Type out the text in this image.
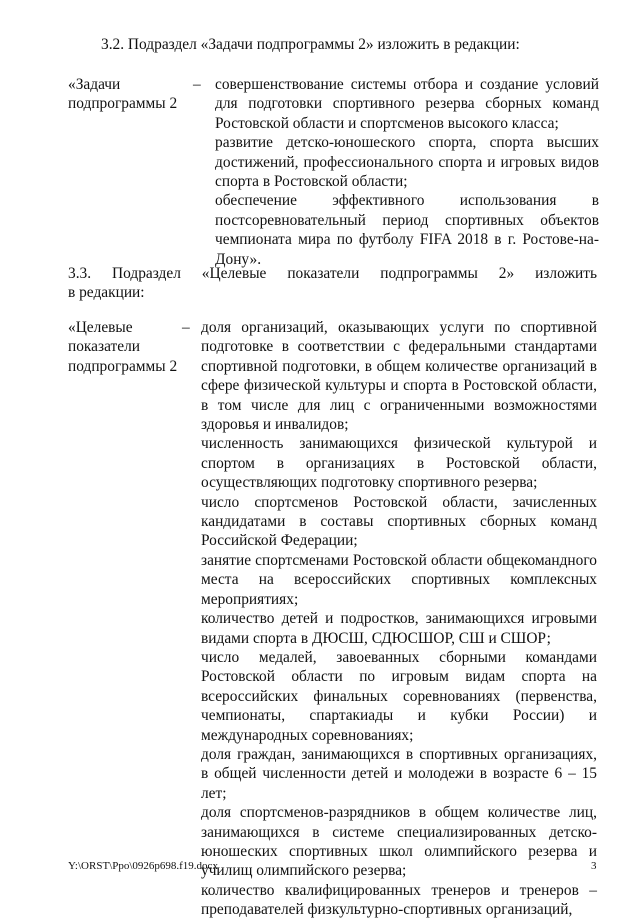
3.2. Подраздел «Задачи подпрограммы 2» изложить в редакции:
«Задачи
подпрограммы 2
– совершенствование системы отбора и создание условий для подготовки спортивного резерва сборных команд Ростовской области и спортсменов высокого класса;

развитие детско-юношеского спорта, спорта высших достижений, профессионального спорта и игровых видов спорта в Ростовской области;

обеспечение эффективного использования в постсоревновательный период спортивных объектов чемпионата мира по футболу FIFA 2018 в г. Ростове-на-Дону».

3.3. Подраздел «Целевые показатели подпрограммы 2» изложить
в редакции:
«Целевые
показатели
подпрограммы 2
– доля организаций, оказывающих услуги по спортивной подготовке в соответствии с федеральными стандартами спортивной подготовки, в общем количестве организаций в сфере физической культуры и спорта в Ростовской области, в том числе для лиц с ограниченными возможностями здоровья и инвалидов;

численность занимающихся физической культурой и спортом в организациях в Ростовской области, осуществляющих подготовку спортивного резерва;

число спортсменов Ростовской области, зачисленных кандидатами в составы спортивных сборных команд Российской Федерации;

занятие спортсменами Ростовской области общекомандного места на всероссийских спортивных комплексных мероприятиях;

количество детей и подростков, занимающихся игровыми видами спорта в ДЮСШ, СДЮСШОР, СШ и СШОР;

число медалей, завоеванных сборными командами Ростовской области по игровым видам спорта на всероссийских финальных соревнованиях (первенства, чемпионаты, спартакиады и кубки России) и международных соревнованиях;

доля граждан, занимающихся в спортивных организациях, в общей численности детей и молодежи в возрасте 6 – 15 лет;

доля спортсменов-разрядников в общем количестве лиц, занимающихся в системе специализированных детско-юношеских спортивных школ олимпийского резерва и училищ олимпийского резерва;

количество квалифицированных тренеров и тренеров – преподавателей физкультурно-спортивных организаций,

Y:\ORST\Ppo\0926p698.f19.docx	3
